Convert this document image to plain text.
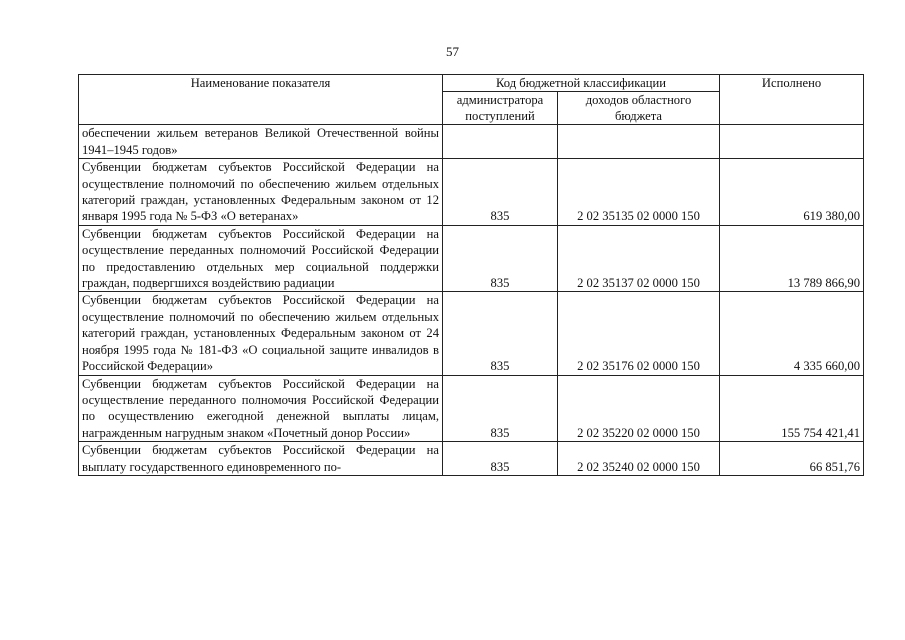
57
Наименование показателя	Код бюджетной классификации		Исполнено
	администратора поступлений	доходов областного бюджета	
обеспечении жильем ветеранов Великой Отечественной войны 1941–1945 годов»			
Субвенции бюджетам субъектов Российской Федерации на осуществление полномочий по обеспечению жильем отдельных категорий граждан, установленных Федеральным законом от 12 января 1995 года № 5-ФЗ «О ветеранах»	835	2 02 35135 02 0000 150	619 380,00
Субвенции бюджетам субъектов Российской Федерации на осуществление переданных полномочий Российской Федерации по предоставлению отдельных мер социальной поддержки граждан, подвергшихся воздействию радиации	835	2 02 35137 02 0000 150	13 789 866,90
Субвенции бюджетам субъектов Российской Федерации на осуществление полномочий по обеспечению жильем отдельных категорий граждан, установленных Федеральным законом от 24 ноября 1995 года № 181-ФЗ «О социальной защите инвалидов в Российской Федерации»	835	2 02 35176 02 0000 150	4 335 660,00
Субвенции бюджетам субъектов Российской Федерации на осуществление переданного полномочия Российской Федерации по осуществлению ежегодной денежной выплаты лицам, награжденным нагрудным знаком «Почетный донор России»	835	2 02 35220 02 0000 150	155 754 421,41
Субвенции бюджетам субъектов Российской Федерации на выплату государственного единовременного по-	835	2 02 35240 02 0000 150	66 851,76
